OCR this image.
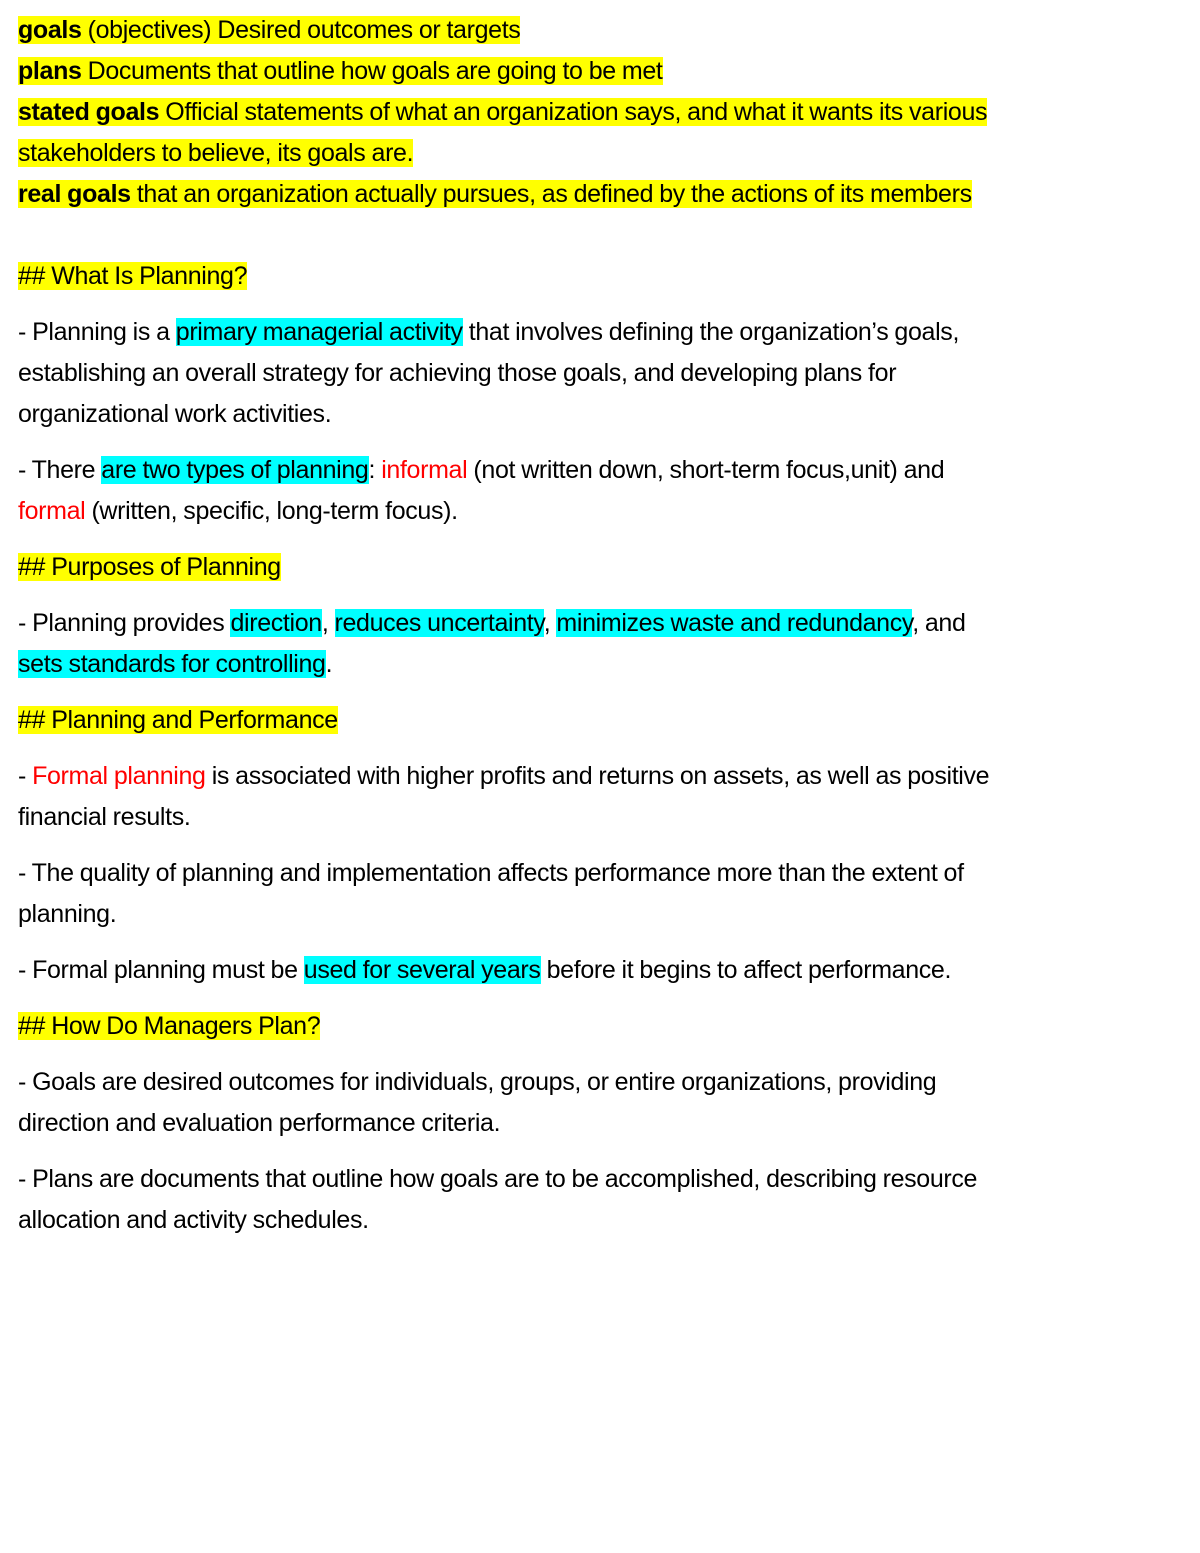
goals (objectives) Desired outcomes or targets
plans Documents that outline how goals are going to be met
stated goals Official statements of what an organization says, and what it wants its various
stakeholders to believe, its goals are.
real goals that an organization actually pursues, as defined by the actions of its members
## What Is Planning?
- Planning is a primary managerial activity that involves defining the organization’s goals,
establishing an overall strategy for achieving those goals, and developing plans for
organizational work activities.
- There are two types of planning: informal (not written down, short-term focus,unit) and
formal (written, specific, long-term focus).
## Purposes of Planning
- Planning provides direction, reduces uncertainty, minimizes waste and redundancy, and
sets standards for controlling.
## Planning and Performance
- Formal planning is associated with higher profits and returns on assets, as well as positive
financial results.
- The quality of planning and implementation affects performance more than the extent of
planning.
- Formal planning must be used for several years before it begins to affect performance.
## How Do Managers Plan?
- Goals are desired outcomes for individuals, groups, or entire organizations, providing
direction and evaluation performance criteria.
- Plans are documents that outline how goals are to be accomplished, describing resource
allocation and activity schedules.
